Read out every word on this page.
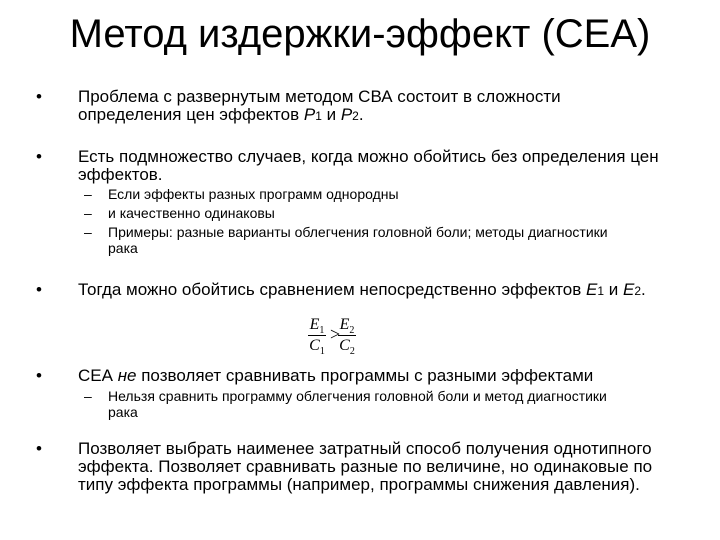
Метод издержки-эффект (СЕА)
• Проблема с развернутым методом СВА состоит в сложности
определения цен эффектов P1 и P2.
• Есть подмножество случаев, когда можно обойтись без определения цен
эффектов.
– Если эффекты разных программ однородны
– и качественно одинаковы
– Примеры: разные варианты облегчения головной боли; методы диагностики
рака
• Тогда можно обойтись сравнением непосредственно эффектов E1 и E2.
$E_1$
$C_1$
> $E_2$
$C_2$
• СЕА не позволяет сравнивать программы с разными эффектами
– Нельзя сравнить программу облегчения головной боли и метод диагностики
рака
• Позволяет выбрать наименее затратный способ получения однотипного
эффекта. Позволяет сравнивать разные по величине, но одинаковые по
типу эффекта программы (например, программы снижения давления).
